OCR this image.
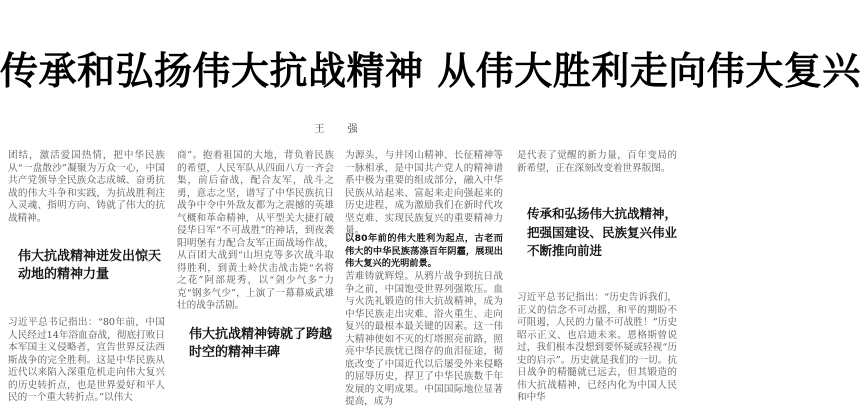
传承和弘扬伟大抗战精神 从伟大胜利走向伟大复兴
王 强
团结，激活爱国热情，把中华民族从“一盘散沙”凝聚为万众一心，中国共产党领导全民族众志成城、奋勇抗战的伟大斗争和实践，为抗战胜利注入灵魂、指明方向、铸就了伟大的抗战精神。
伟大抗战精神迸发出惊天动地的精神力量
习近平总书记指出：“80年前，中国人民经过14年浴血奋战，彻底打败日本军国主义侵略者，宣告世界反法西斯战争的完全胜利。这是中华民族从近代以来陷入深重危机走向伟大复兴的历史转折点，也是世界爱好和平人民的一个重大转折点。”以伟大
商”。抱着祖国的大地，背负着民族的希望，人民军队从四面八方一齐会集，前后奋战，配合友军，战斗之勇，意志之坚，谱写了中华民族抗日战争中令中外敌友都为之震撼的英雄气概和革命精神，从平型关大捷打破侵华日军“不可战胜”的神话，到夜袭阳明堡有力配合友军正面战场作战，从百团大战到“山坦克等多次战斗取得胜利，到黄土岭伏击战击毙“名将之花”阿部规秀，以“剑少气多”力克“钢多气少”，上演了一幕幕威武雄壮的战争活剧。
伟大抗战精神铸就了跨越时空的精神丰碑
为源头，与井冈山精神、长征精神等一脉相承，是中国共产党人的精神谱系中极为重要的组成部分，融入中华民族从站起来、富起来走向强起来的历史进程，成为激励我们在新时代攻坚克难、实现民族复兴的重要精神力量。
以80年前的伟大胜利为起点，古老而伟大的中华民族荡涤百年阴霾，展现出伟大复兴的光明前景。
苦难铸就辉煌。从鸦片战争到抗日战争之前，中国饱受世界列强欺压。血与火洗礼锻造的伟大抗战精神，成为中华民族走出灾难、浴火重生、走向复兴的最根本最关键的因素。这一伟大精神使如不灭的灯塔照亮前路，照亮中华民族忧已图存的血泪征途，彻底改变了中国近代以后屡受外来侵略的屈辱历史，捍卫了中华民族数千年发展的文明成果。中国国际地位显著提高，成为
是代表了觉醒的新力量，百年变局的新希望，正在深刻改变着世界版图。
传承和弘扬伟大抗战精神，把强国建设、民族复兴伟业不断推向前进
习近平总书记指出：“历史告诉我们，正义的信念不可动摇，和平的期盼不可阻遏，人民的力量不可战胜！”历史昭示正义、也启迪未来。恩格斯曾说过，我们根本没想到要怀疑或轻视“历史的启示”。历史就是我们的一切。抗日战争的精髓就已远去，但其锻造的伟大抗战精神，已经内化为中国人民和中华
